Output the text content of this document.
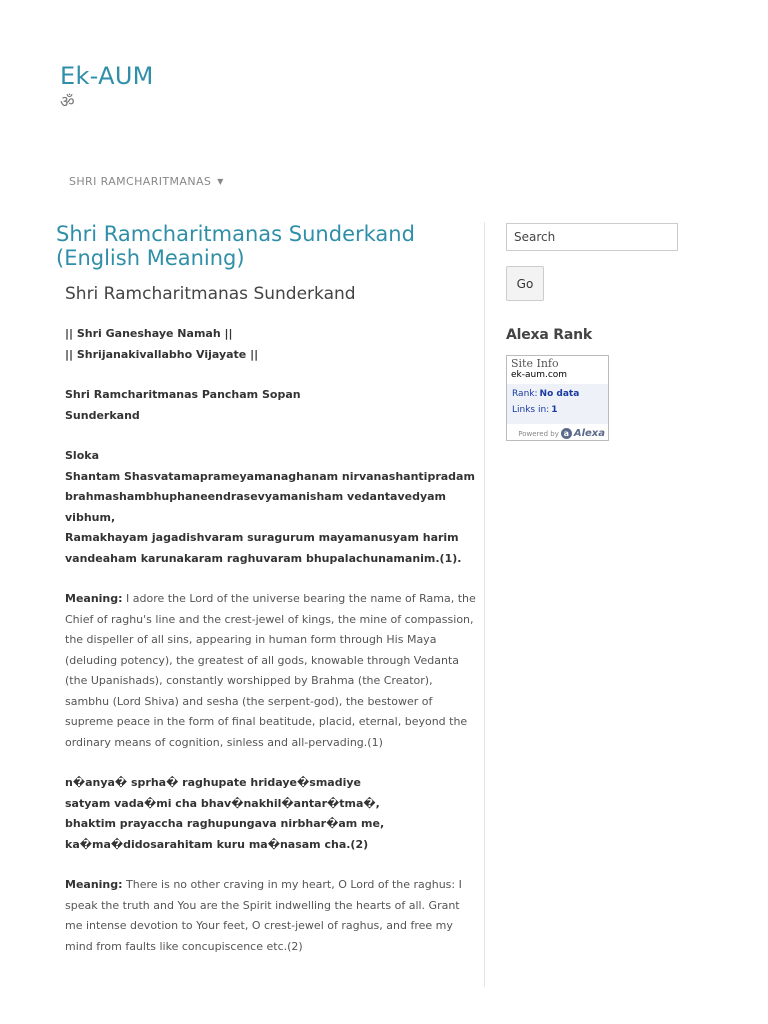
Ek-AUM
ॐ
SHRI RAMCHARITMANAS ▼
Shri Ramcharitmanas Sunderkand (English Meaning)
Shri Ramcharitmanas Sunderkand

|| Shri Ganeshaye Namah ||
|| Shrijanakivallabho Vijayate ||

Shri Ramcharitmanas Pancham Sopan
Sunderkand

Sloka
Shantam Shasvatamaprameyamanaghanam nirvanashantipradam
brahmashambhuphaneendrasevyamanisham vedantavedyam vibhum,
Ramakhayam jagadishvaram suragurum mayamanusyam harim
vandeaham karunakaram raghuvaram bhupalachunamanim.(1).

Meaning: I adore the Lord of the universe bearing the name of Rama, the Chief of raghu's line and the crest-jewel of kings, the mine of compassion, the dispeller of all sins, appearing in human form through His Maya (deluding potency), the greatest of all gods, knowable through Vedanta (the Upanishads), constantly worshipped by Brahma (the Creator), sambhu (Lord Shiva) and sesha (the serpent-god), the bestower of supreme peace in the form of final beatitude, placid, eternal, beyond the ordinary means of cognition, sinless and all-pervading.(1)

n�anya� sprha� raghupate hridaye�smadiye
satyam vada�mi cha bhav�nakhil�antar�tma�,
bhaktim prayaccha raghupungava nirbhar�am me,
ka�ma�didosarahitam kuru ma�nasam cha.(2)

Meaning: There is no other craving in my heart, O Lord of the raghus: I speak the truth and You are the Spirit indwelling the hearts of all. Grant me intense devotion to Your feet, O crest-jewel of raghus, and free my mind from faults like concupiscence etc.(2)

Search
Go
Alexa Rank
Site Info
ek-aum.com
Rank: No data
Links in: 1
Powered by a Alexa
